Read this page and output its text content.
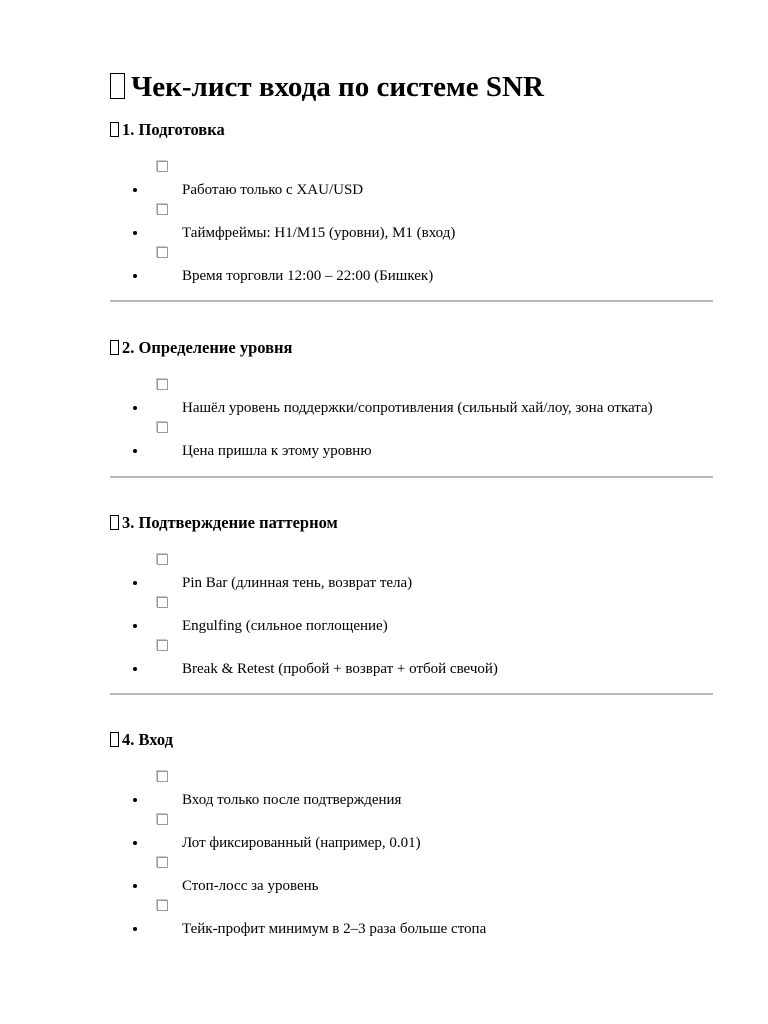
Чек-лист входа по системе SNR
1. Подготовка
Работаю только с XAU/USD
Таймфреймы: H1/M15 (уровни), M1 (вход)
Время торговли 12:00 – 22:00 (Бишкек)
2. Определение уровня
Нашёл уровень поддержки/сопротивления (сильный хай/лоу, зона отката)
Цена пришла к этому уровню
3. Подтверждение паттерном
Pin Bar (длинная тень, возврат тела)
Engulfing (сильное поглощение)
Break & Retest (пробой + возврат + отбой свечой)
4. Вход
Вход только после подтверждения
Лот фиксированный (например, 0.01)
Стоп-лосс за уровень
Тейк-профит минимум в 2–3 раза больше стопа
